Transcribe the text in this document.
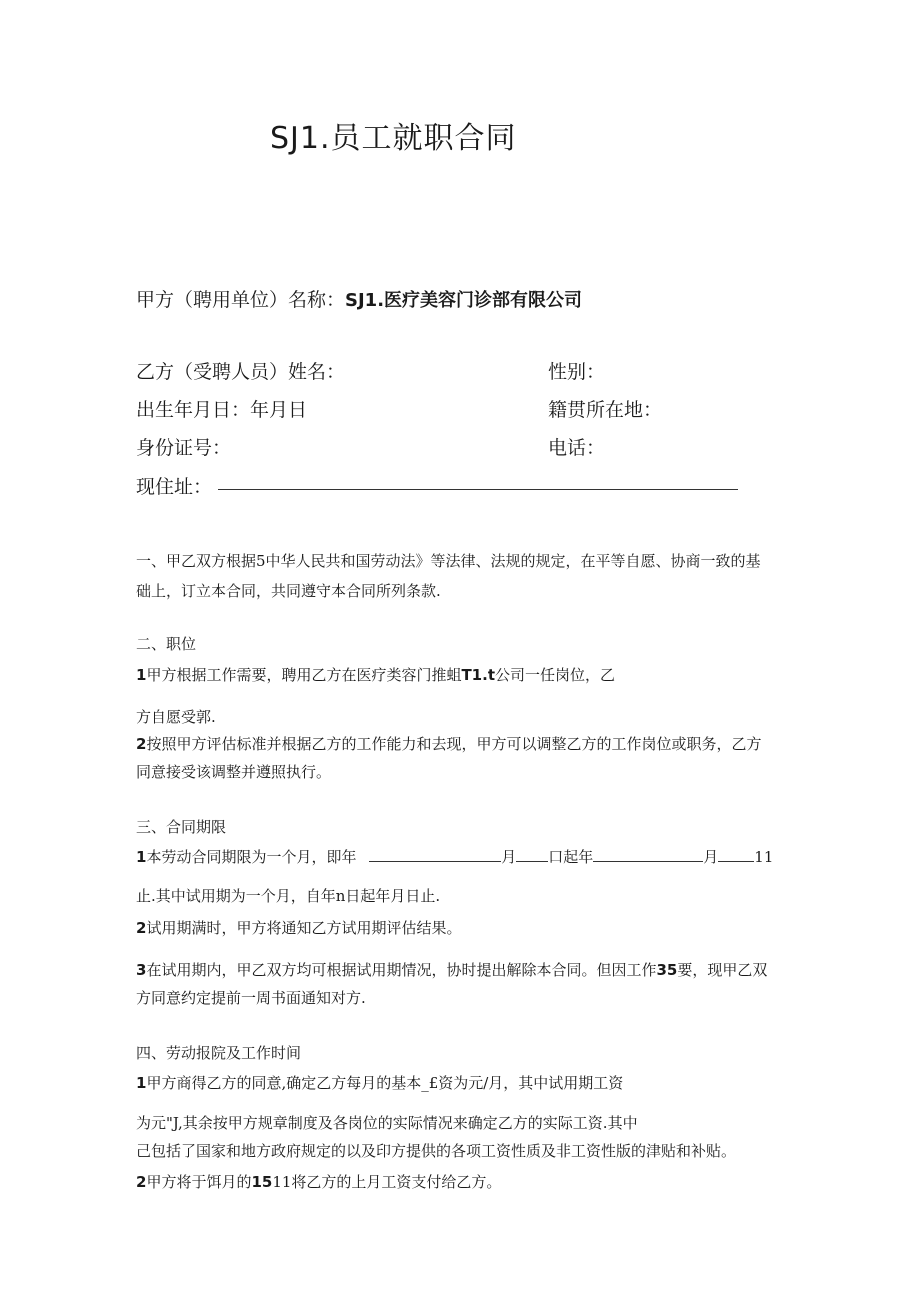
SJ1.员工就职合同
甲方（聘用单位）名称：SJ1.医疗美容门诊部有限公司
乙方（受聘人员）姓名：	性别：
出生年月日：年月日	籍贯所在地：
身份证号：	电话：
现住址：
一、甲乙双方根据5中华人民共和国劳动法》等法律、法规的规定，在平等自愿、协商一致的基
础上，订立本合同，共同遵守本合同所列条款.
二、职位
1甲方根据工作需要，聘用乙方在医疗类容门推蛆T1.t公司一任岗位，乙
方自愿受郭.
2按照甲方评估标准并根据乙方的工作能力和去现，甲方可以调整乙方的工作岗位或职务，乙方
同意接受该调整并遵照执行。
三、合同期限
1本劳动合同期限为一个月，即年	月 口起年	月 11
止.其中试用期为一个月，自年n日起年月日止.
2试用期满时，甲方将通知乙方试用期评估结果。
3在试用期内，甲乙双方均可根据试用期情况，协时提出解除本合同。但因工作35要，现甲乙双
方同意约定提前一周书面通知对方.
四、劳动报院及工作时间
1甲方商得乙方的同意,确定乙方每月的基本_£资为元/月，其中试用期工资
为元"J,其余按甲方规章制度及各岗位的实际情况来确定乙方的实际工资.其中
己包括了国家和地方政府规定的以及印方提供的各项工资性质及非工资性版的津贴和补贴。
2甲方将于饵月的1511将乙方的上月工资支付给乙方。
